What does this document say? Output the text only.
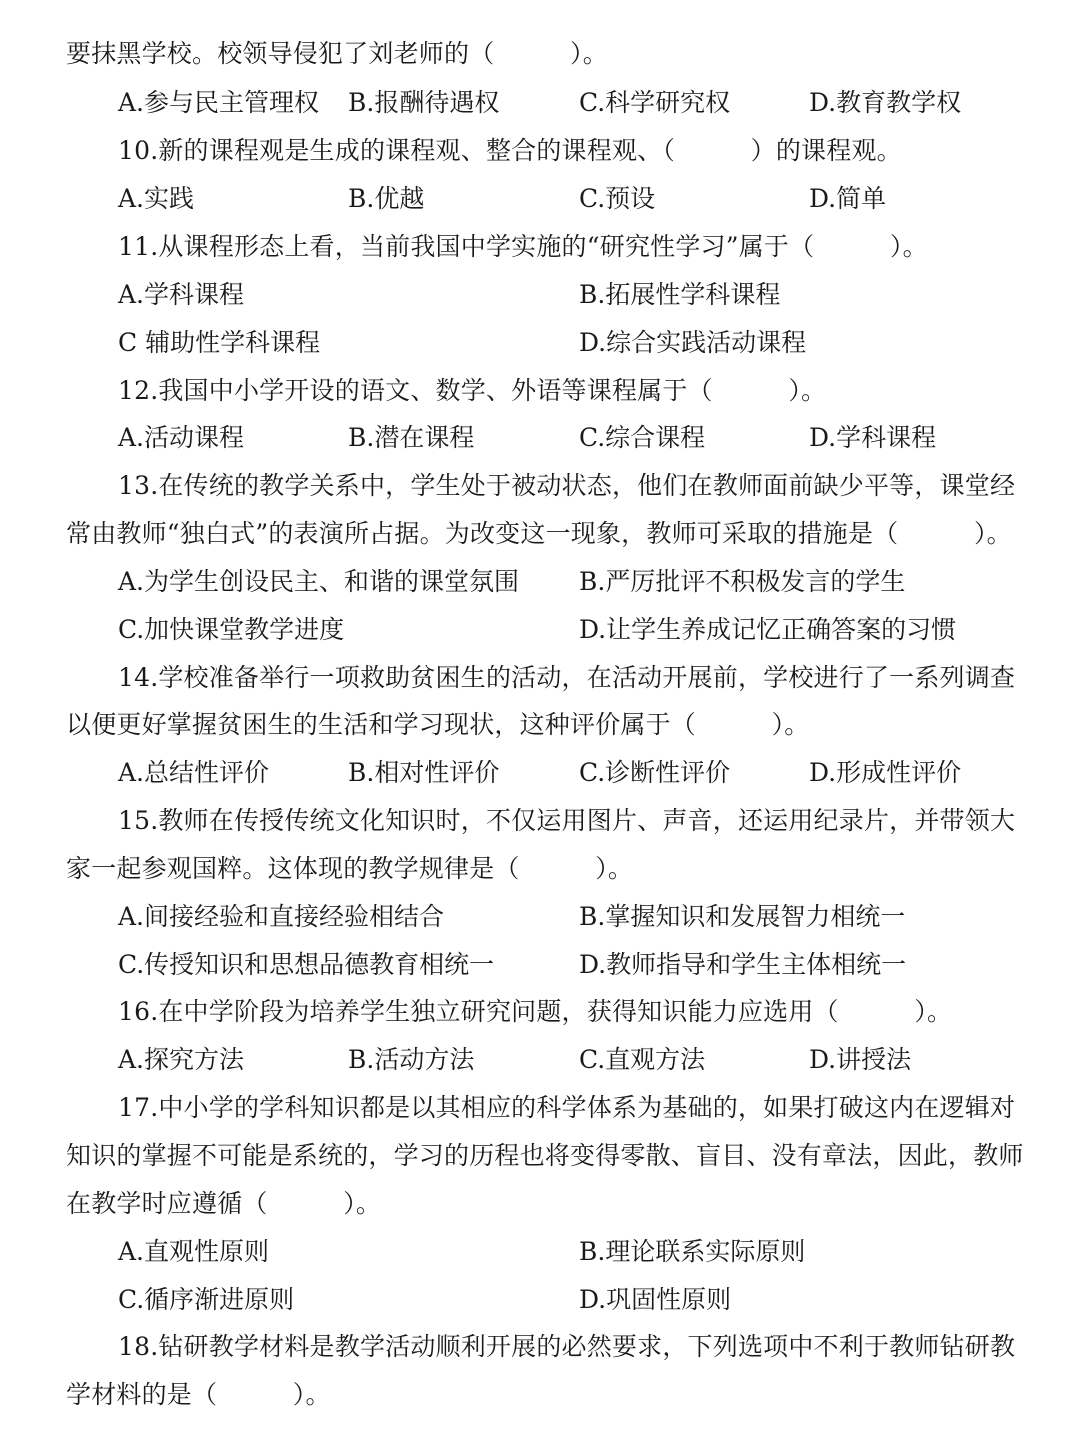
要抹黑学校。校领导侵犯了刘老师的（　　　）。
A.参与民主管理权 B.报酬待遇权	C.科学研究权	D.教育教学权
10.新的课程观是生成的课程观、整合的课程观、（　　　）的课程观。
A.实践	B.优越	C.预设	D.简单
11.从课程形态上看，当前我国中学实施的“研究性学习”属于（　　　）。
A.学科课程	B.拓展性学科课程
C 辅助性学科课程	D.综合实践活动课程
12.我国中小学开设的语文、数学、外语等课程属于（　　　）。
A.活动课程	B.潜在课程	C.综合课程	D.学科课程
13.在传统的教学关系中，学生处于被动状态，他们在教师面前缺少平等，课堂经
常由教师“独白式”的表演所占据。为改变这一现象，教师可采取的措施是（　　　）。
A.为学生创设民主、和谐的课堂氛围 B.严厉批评不积极发言的学生
C.加快课堂教学进度	D.让学生养成记忆正确答案的习惯
14.学校准备举行一项救助贫困生的活动，在活动开展前，学校进行了一系列调查
以便更好掌握贫困生的生活和学习现状，这种评价属于（　　　）。
A.总结性评价	B.相对性评价	C.诊断性评价	D.形成性评价
15.教师在传授传统文化知识时，不仅运用图片、声音，还运用纪录片，并带领大
家一起参观国粹。这体现的教学规律是（　　　）。
A.间接经验和直接经验相结合	B.掌握知识和发展智力相统一
C.传授知识和思想品德教育相统一	D.教师指导和学生主体相统一
16.在中学阶段为培养学生独立研究问题，获得知识能力应选用（　　　）。
A.探究方法	B.活动方法	C.直观方法	D.讲授法
17.中小学的学科知识都是以其相应的科学体系为基础的，如果打破这内在逻辑对
知识的掌握不可能是系统的，学习的历程也将变得零散、盲目、没有章法，因此，教师
在教学时应遵循（　　　）。
A.直观性原则	B.理论联系实际原则
C.循序渐进原则	D.巩固性原则
18.钻研教学材料是教学活动顺利开展的必然要求，下列选项中不利于教师钻研教
学材料的是（　　　）。
